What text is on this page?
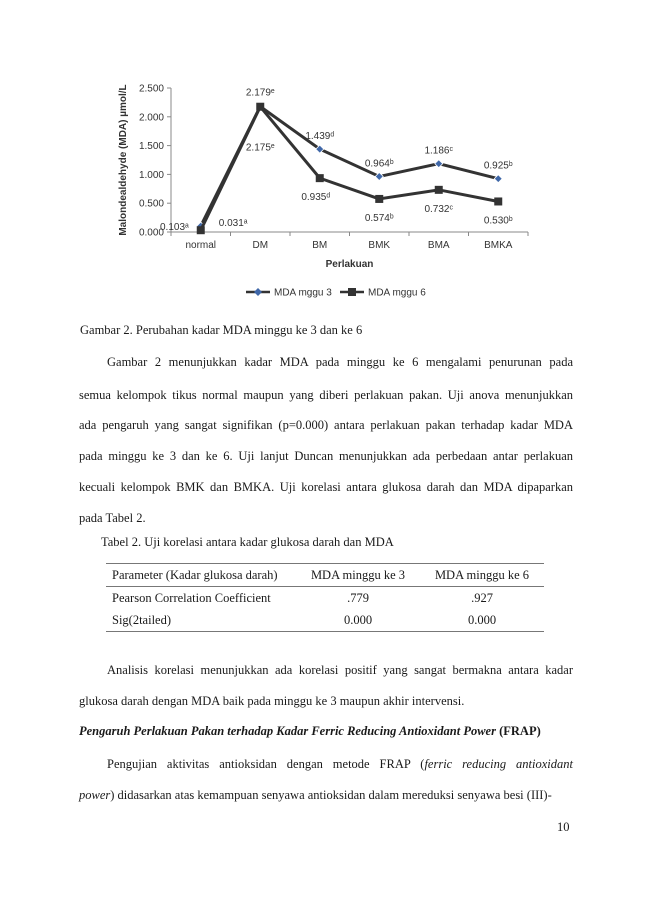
0.000
0.500
1.000
1.500
2.000
2.500
normal	DM	BM	BMK	BMA	BMKA
Perlakuan
Malondealdehyde (MDA) µmol/L	0.103ᵃ
2.179ᵉ
1.439ᵈ
0.964ᵇ
1.186ᶜ
0.925ᵇ
0.031ᵃ
2.175ᵉ
0.935ᵈ
0.574ᵇ
0.732ᶜ
0.530ᵇ
MDA mggu 3	MDA mggu 6
Gambar 2. Perubahan kadar MDA minggu ke 3 dan ke 6
Gambar 2 menunjukkan kadar MDA pada minggu ke 6 mengalami penurunan pada
semua kelompok tikus normal maupun yang diberi perlakuan pakan. Uji anova menunjukkan
ada pengaruh yang sangat signifikan (p=0.000) antara perlakuan pakan terhadap kadar MDA
pada minggu ke 3 dan ke 6. Uji lanjut Duncan menunjukkan ada perbedaan antar perlakuan
kecuali kelompok BMK dan BMKA. Uji korelasi antara glukosa darah dan MDA dipaparkan
pada Tabel 2.
Tabel 2. Uji korelasi antara kadar glukosa darah dan MDA
Parameter (Kadar glukosa darah)	MDA minggu ke 3	MDA minggu ke 6
Pearson Correlation Coefficient	.779	.927
Sig(2tailed)	0.000	0.000
Analisis korelasi menunjukkan ada korelasi positif yang sangat bermakna antara kadar
glukosa darah dengan MDA baik pada minggu ke 3 maupun akhir intervensi.
Pengaruh Perlakuan Pakan terhadap Kadar Ferric Reducing Antioxidant Power (FRAP)
Pengujian aktivitas antioksidan dengan metode FRAP (ferric reducing antioxidant
power) didasarkan atas kemampuan senyawa antioksidan dalam mereduksi senyawa besi (III)-
10
